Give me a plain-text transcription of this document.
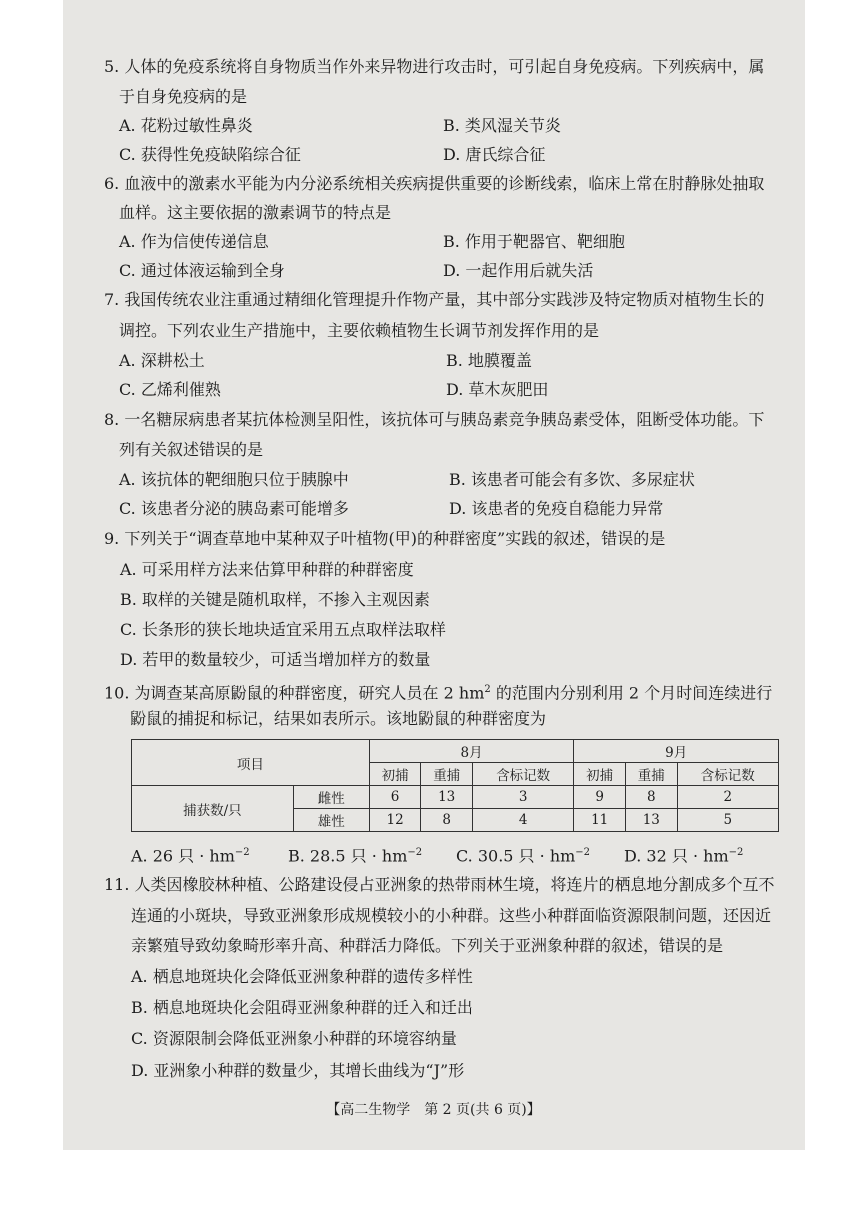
5. 人体的免疫系统将自身物质当作外来异物进行攻击时，可引起自身免疫病。下列疾病中，属
于自身免疫病的是
A. 花粉过敏性鼻炎	B. 类风湿关节炎
C. 获得性免疫缺陷综合征	D. 唐氏综合征
6. 血液中的激素水平能为内分泌系统相关疾病提供重要的诊断线索，临床上常在肘静脉处抽取
血样。这主要依据的激素调节的特点是
A. 作为信使传递信息	B. 作用于靶器官、靶细胞
C. 通过体液运输到全身	D. 一起作用后就失活
7. 我国传统农业注重通过精细化管理提升作物产量，其中部分实践涉及特定物质对植物生长的
调控。下列农业生产措施中，主要依赖植物生长调节剂发挥作用的是
A. 深耕松土	B. 地膜覆盖
C. 乙烯利催熟	D. 草木灰肥田
8. 一名糖尿病患者某抗体检测呈阳性，该抗体可与胰岛素竞争胰岛素受体，阻断受体功能。下
列有关叙述错误的是
A. 该抗体的靶细胞只位于胰腺中	B. 该患者可能会有多饮、多尿症状
C. 该患者分泌的胰岛素可能增多	D. 该患者的免疫自稳能力异常
9. 下列关于“调查草地中某种双子叶植物(甲)的种群密度”实践的叙述，错误的是
A. 可采用样方法来估算甲种群的种群密度
B. 取样的关键是随机取样，不掺入主观因素
C. 长条形的狭长地块适宜采用五点取样法取样
D. 若甲的数量较少，可适当增加样方的数量
10. 为调查某高原鼢鼠的种群密度，研究人员在 2 $hm^2$ 的范围内分别利用 2 个月时间连续进行
鼢鼠的捕捉和标记，结果如表所示。该地鼢鼠的种群密度为
项目		8月			9月		
		初捕	重捕	含标记数	初捕	重捕	含标记数
捕获数/只	雌性	6	13	3	9	8	2
	雄性	12	8	4	11	13	5
A. 26 只 · $hm^{-2}$ B. 28.5 只 · $hm^{-2}$ C. 30.5 只 · $hm^{-2}$ D. 32 只 · $hm^{-2}$
11. 人类因橡胶林种植、公路建设侵占亚洲象的热带雨林生境，将连片的栖息地分割成多个互不
连通的小斑块，导致亚洲象形成规模较小的小种群。这些小种群面临资源限制问题，还因近
亲繁殖导致幼象畸形率升高、种群活力降低。下列关于亚洲象种群的叙述，错误的是
A. 栖息地斑块化会降低亚洲象种群的遗传多样性
B. 栖息地斑块化会阻碍亚洲象种群的迁入和迁出
C. 资源限制会降低亚洲象小种群的环境容纳量
D. 亚洲象小种群的数量少，其增长曲线为“J”形
【高二生物学　第 2 页(共 6 页)】
